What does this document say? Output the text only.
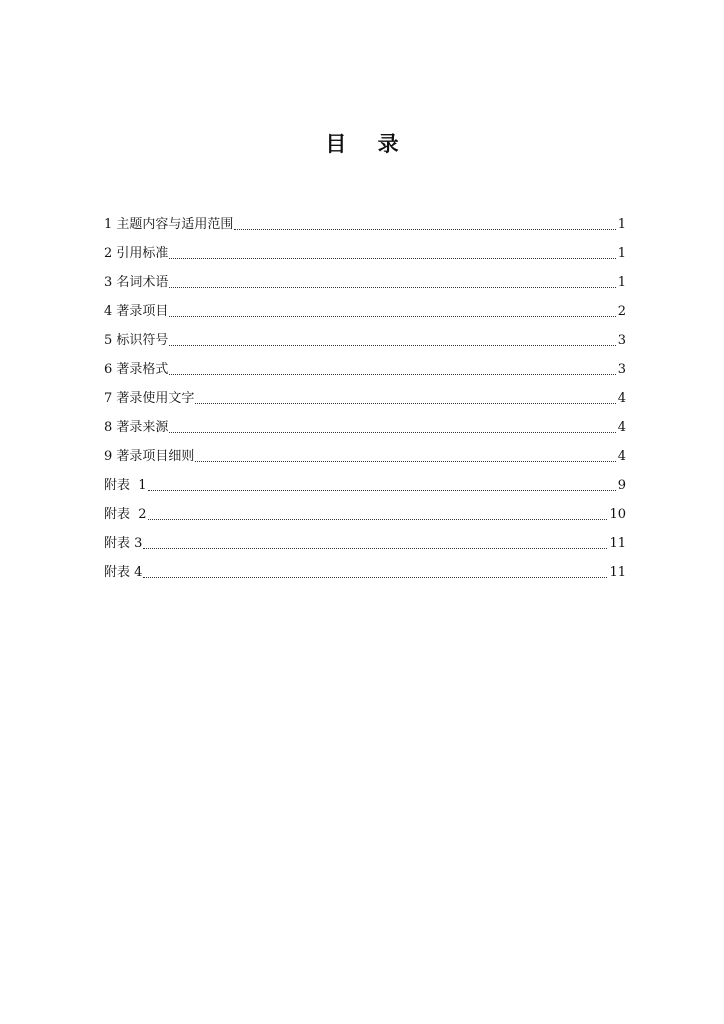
目 录
1 主题内容与适用范围	1
2 引用标准	1
3 名词术语	1
4 著录项目	2
5 标识符号	3
6 著录格式	3
7 著录使用文字	4
8 著录来源	4
9 著录项目细则	4
附表  1	9
附表  2	10
附表 3	11
附表 4	11
